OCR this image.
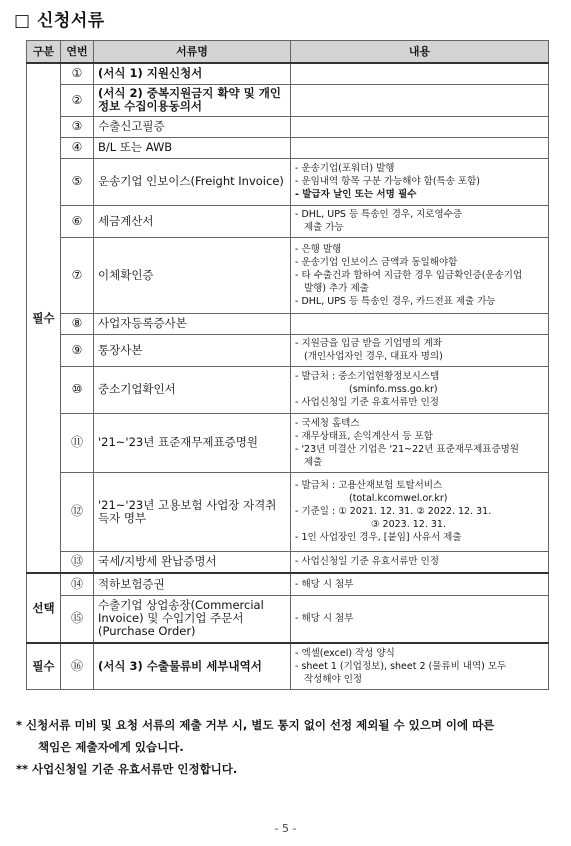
□ 신청서류
구분	연번	서류명	내용
필수	①	(서식 1) 지원신청서	
	②	(서식 2) 중복지원금지 확약 및 개인정보 수집이용동의서	
	③	수출신고필증	
	④	B/L 또는 AWB	
	⑤	운송기업 인보이스(Freight Invoice)	- 운송기업(포워더) 발행
- 운임내역 항목 구분 가능해야 함(특송 포함)
- 발급자 날인 또는 서명 필수

	⑥	세금계산서	- DHL, UPS 등 특송인 경우, 지로영수증
제출 가능

	⑦	이체확인증	- 은행 발행
- 운송기업 인보이스 금액과 동일해야함
- 타 수출건과 합하여 지급한 경우 입금확인증(운송기업
발행) 추가 제출
- DHL, UPS 등 특송인 경우, 카드전표 제출 가능

	⑧	사업자등록증사본	
	⑨	통장사본	- 지원금을 입금 받을 기업명의 계좌
(개인사업자인 경우, 대표자 명의)

	⑩	중소기업확인서	- 발급처 : 중소기업현황정보시스템
(sminfo.mss.go.kr)
- 사업신청일 기준 유효서류만 인정

	⑪	'21~'23년 표준재무제표증명원	- 국세청 홈텍스
- 재무상태표, 손익계산서 등 포함
- '23년 미결산 기업은 '21~22년 표준재무제표증명원
제출

	⑫	'21~'23년 고용보험 사업장 자격취득자 명부	- 발급처 : 고용산재보험 토탈서비스
(total.kcomwel.or.kr)
- 기준일 : ① 2021. 12. 31. ② 2022. 12. 31.
③ 2023. 12. 31.
- 1인 사업장인 경우, [붙임] 사유서 제출

	⑬	국세/지방세 완납증명서	- 사업신청일 기준 유효서류만 인정

선택	⑭	적하보험증권	- 해당 시 첨부

	⑮	수출기업 상업송장(Commercial Invoice) 및 수입기업 주문서 (Purchase Order)	- 해당 시 첨부

필수	⑯	(서식 3) 수출물류비 세부내역서	- 엑셀(excel) 작성 양식
- sheet 1 (기업정보), sheet 2 (물류비 내역) 모두
작성해야 인정
* 신청서류 미비 및 요청 서류의 제출 거부 시, 별도 통지 없이 선정 제외될 수 있으며 이에 따른
책임은 제출자에게 있습니다.
** 사업신청일 기준 유효서류만 인정합니다.
- 5 -
